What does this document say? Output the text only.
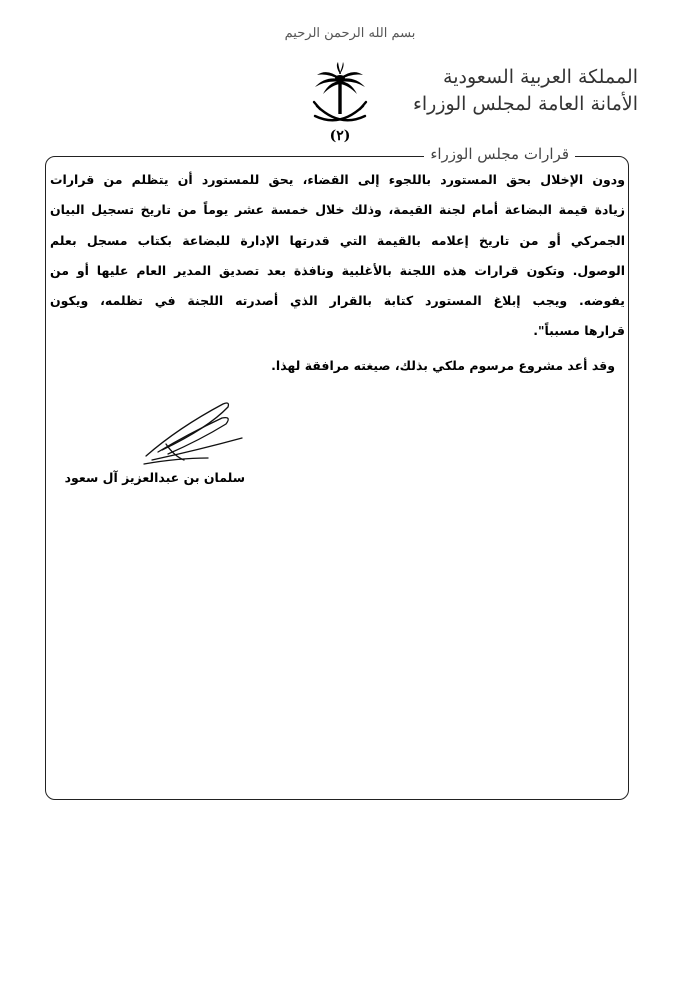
بسم الله الرحمن الرحيم
(٢)
المملكة العربية السعودية
الأمانة العامة لمجلس الوزراء
قرارات مجلس الوزراء
ودون الإخلال بحق المستورد باللجوء إلى القضاء، يحق للمستورد أن يتظلم من قرارات
زيادة قيمة البضاعة أمام لجنة القيمة، وذلك خلال خمسة عشر يوماً من تاريخ تسجيل البيان
الجمركي أو من تاريخ إعلامه بالقيمة التي قدرتها الإدارة للبضاعة بكتاب مسجل بعلم
الوصول. وتكون قرارات هذه اللجنة بالأغلبية ونافذة بعد تصديق المدير العام عليها أو من
يفوضه. ويجب إبلاغ المستورد كتابة بالقرار الذي أصدرته اللجنة في تظلمه، ويكون
قرارها مسبباً".
وقد أعد مشروع مرسوم ملكي بذلك، صيغته مرافقة لهذا.
سلمان بن عبدالعزيز آل سعود
